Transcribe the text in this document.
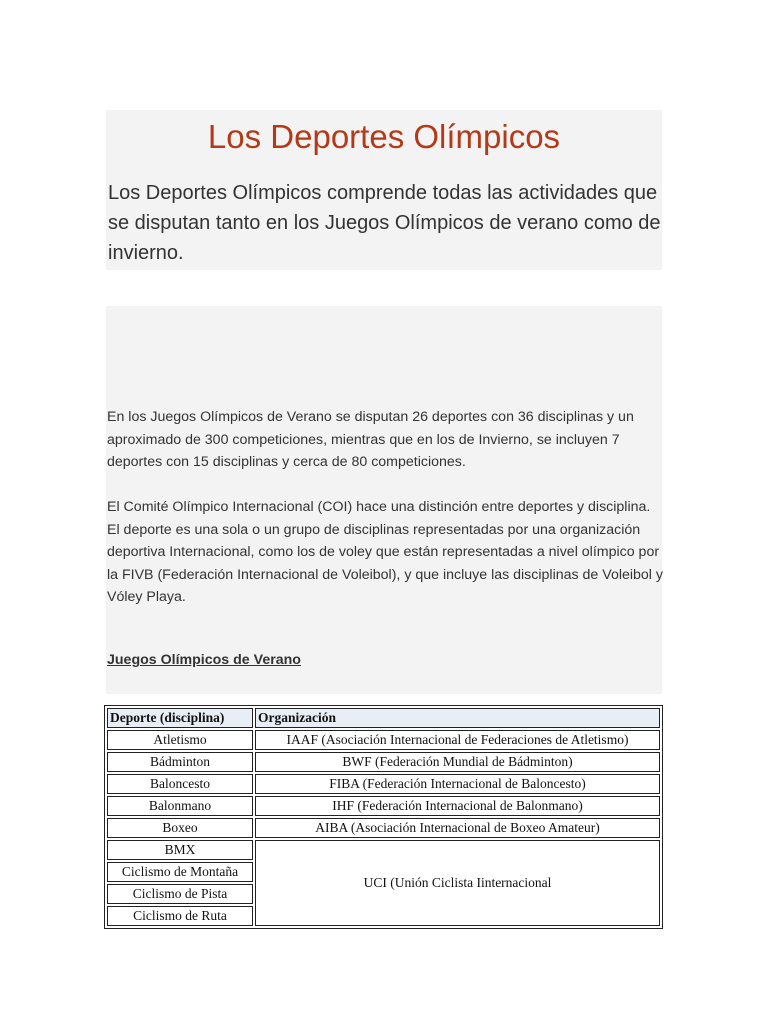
Los Deportes Olímpicos

Los Deportes Olímpicos comprende todas las actividades que se disputan tanto en los Juegos Olímpicos de verano como de invierno.

En los Juegos Olímpicos de Verano se disputan 26 deportes con 36 disciplinas y un aproximado de 300 competiciones, mientras que en los de Invierno, se incluyen 7 deportes con 15 disciplinas y cerca de 80 competiciones.

El Comité Olímpico Internacional (COI) hace una distinción entre deportes y disciplina. El deporte es una sola o un grupo de disciplinas representadas por una organización deportiva Internacional, como los de voley que están representadas a nivel olímpico por la FIVB (Federación Internacional de Voleibol), y que incluye las disciplinas de Voleibol y Vóley Playa.

Juegos Olímpicos de Verano
Deporte (disciplina)	Organización
Atletismo	IAAF (Asociación Internacional de Federaciones de Atletismo)
Bádminton	BWF (Federación Mundial de Bádminton)
Baloncesto	FIBA (Federación Internacional de Baloncesto)
Balonmano	IHF (Federación Internacional de Balonmano)
Boxeo	AIBA (Asociación Internacional de Boxeo Amateur)
BMX	UCI (Unión Ciclista Iinternacional
Ciclismo de Montaña	
Ciclismo de Pista	
Ciclismo de Ruta	
